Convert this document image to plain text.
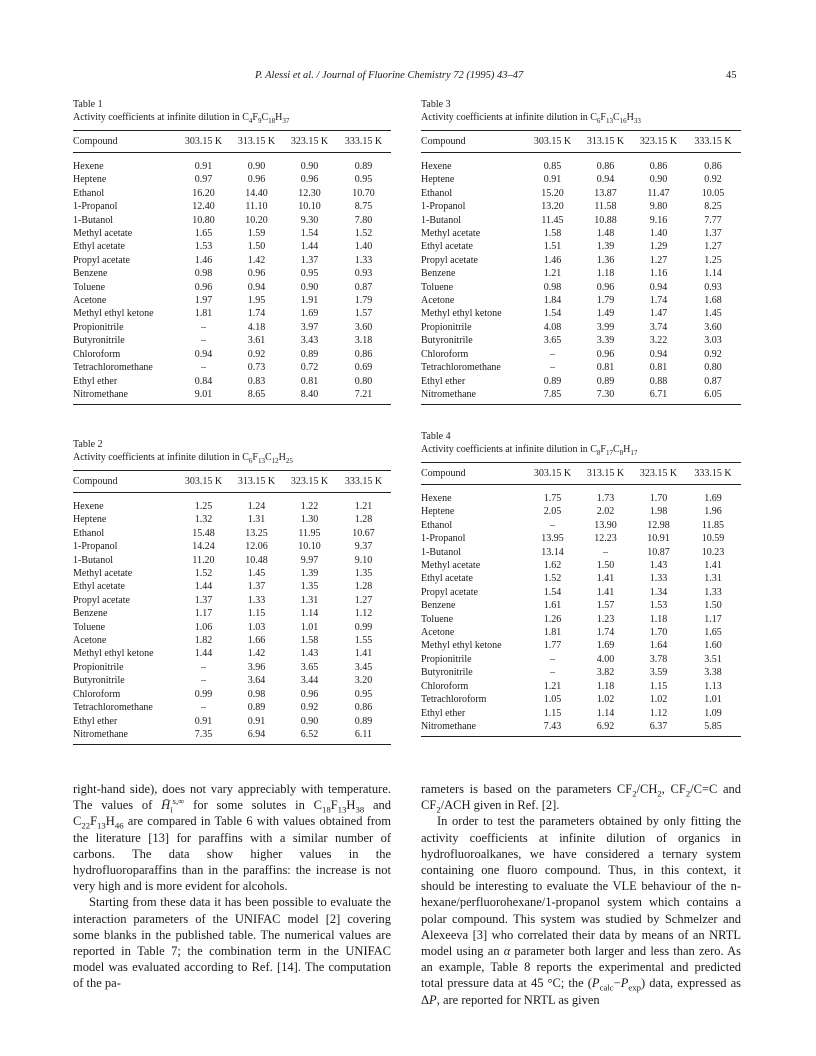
P. Alessi et al. / Journal of Fluorine Chemistry 72 (1995) 43–47	45
Table 1
Activity coefficients at infinite dilution in $C_4F_9C_{18}H_{37}$
Compound	303.15 K	313.15 K	323.15 K	333.15 K
Hexene	0.91	0.90	0.90	0.89
Heptene	0.97	0.96	0.96	0.95
Ethanol	16.20	14.40	12.30	10.70
1-Propanol	12.40	11.10	10.10	8.75
1-Butanol	10.80	10.20	9.30	7.80
Methyl acetate	1.65	1.59	1.54	1.52
Ethyl acetate	1.53	1.50	1.44	1.40
Propyl acetate	1.46	1.42	1.37	1.33
Benzene	0.98	0.96	0.95	0.93
Toluene	0.96	0.94	0.90	0.87
Acetone	1.97	1.95	1.91	1.79
Methyl ethyl ketone	1.81	1.74	1.69	1.57
Propionitrile	–	4.18	3.97	3.60
Butyronitrile	–	3.61	3.43	3.18
Chloroform	0.94	0.92	0.89	0.86
Tetrachloromethane	–	0.73	0.72	0.69
Ethyl ether	0.84	0.83	0.81	0.80
Nitromethane	9.01	8.65	8.40	7.21
Table 2
Activity coefficients at infinite dilution in $C_6F_{13}C_{12}H_{25}$
Compound	303.15 K	313.15 K	323.15 K	333.15 K
Hexene	1.25	1.24	1.22	1.21
Heptene	1.32	1.31	1.30	1.28
Ethanol	15.48	13.25	11.95	10.67
1-Propanol	14.24	12.06	10.10	9.37
1-Butanol	11.20	10.48	9.97	9.10
Methyl acetate	1.52	1.45	1.39	1.35
Ethyl acetate	1.44	1.37	1.35	1.28
Propyl acetate	1.37	1.33	1.31	1.27
Benzene	1.17	1.15	1.14	1.12
Toluene	1.06	1.03	1.01	0.99
Acetone	1.82	1.66	1.58	1.55
Methyl ethyl ketone	1.44	1.42	1.43	1.41
Propionitrile	–	3.96	3.65	3.45
Butyronitrile	–	3.64	3.44	3.20
Chloroform	0.99	0.98	0.96	0.95
Tetrachloromethane	–	0.89	0.92	0.86
Ethyl ether	0.91	0.91	0.90	0.89
Nitromethane	7.35	6.94	6.52	6.11
Table 3
Activity coefficients at infinite dilution in $C_6F_{13}C_{16}H_{33}$
Compound	303.15 K	313.15 K	323.15 K	333.15 K
Hexene	0.85	0.86	0.86	0.86
Heptene	0.91	0.94	0.90	0.92
Ethanol	15.20	13.87	11.47	10.05
1-Propanol	13.20	11.58	9.80	8.25
1-Butanol	11.45	10.88	9.16	7.77
Methyl acetate	1.58	1.48	1.40	1.37
Ethyl acetate	1.51	1.39	1.29	1.27
Propyl acetate	1.46	1.36	1.27	1.25
Benzene	1.21	1.18	1.16	1.14
Toluene	0.98	0.96	0.94	0.93
Acetone	1.84	1.79	1.74	1.68
Methyl ethyl ketone	1.54	1.49	1.47	1.45
Propionitrile	4.08	3.99	3.74	3.60
Butyronitrile	3.65	3.39	3.22	3.03
Chloroform	–	0.96	0.94	0.92
Tetrachloromethane	–	0.81	0.81	0.80
Ethyl ether	0.89	0.89	0.88	0.87
Nitromethane	7.85	7.30	6.71	6.05
Table 4
Activity coefficients at infinite dilution in $C_8F_{17}C_8H_{17}$
Compound	303.15 K	313.15 K	323.15 K	333.15 K
Hexene	1.75	1.73	1.70	1.69
Heptene	2.05	2.02	1.98	1.96
Ethanol	–	13.90	12.98	11.85
1-Propanol	13.95	12.23	10.91	10.59
1-Butanol	13.14	–	10.87	10.23
Methyl acetate	1.62	1.50	1.43	1.41
Ethyl acetate	1.52	1.41	1.33	1.31
Propyl acetate	1.54	1.41	1.34	1.33
Benzene	1.61	1.57	1.53	1.50
Toluene	1.26	1.23	1.18	1.17
Acetone	1.81	1.74	1.70	1.65
Methyl ethyl ketone	1.77	1.69	1.64	1.60
Propionitrile	–	4.00	3.78	3.51
Butyronitrile	–	3.82	3.59	3.38
Chloroform	1.21	1.18	1.15	1.13
Tetrachloroform	1.05	1.02	1.02	1.01
Ethyl ether	1.15	1.14	1.12	1.09
Nitromethane	7.43	6.92	6.37	5.85

right-hand side), does not vary appreciably with temperature. The values of $H̄_i^{s,\infty}$ for some solutes in $C_{18}F_{13}H_{38}$ and $C_{22}F_{13}H_{46}$ are compared in Table 6 with values obtained from the literature [13] for paraffins with a similar number of carbons. The data show higher values in the hydrofluoroparaffins than in the paraffins: the increase is not very high and is more evident for alcohols.

Starting from these data it has been possible to evaluate the interaction parameters of the UNIFAC model [2] covering some blanks in the published table. The numerical values are reported in Table 7; the combination term in the UNIFAC model was evaluated according to Ref. [14]. The computation of the pa-

rameters is based on the parameters $CF_2/CH_2$, $CF_2/C=C$ and $CF_2$/ACH given in Ref. [2].

In order to test the parameters obtained by only fitting the activity coefficients at infinite dilution of organics in hydrofluoroalkanes, we have considered a ternary system containing one fluoro compound. Thus, in this context, it should be interesting to evaluate the VLE behaviour of the n-hexane/perfluorohexane/1-propanol system which contains a polar compound. This system was studied by Schmelzer and Alexeeva [3] who correlated their data by means of an NRTL model using an α parameter both larger and less than zero. As an example, Table 8 reports the experimental and predicted total pressure data at 45 °C; the $(P_{calc}-P_{exp})$ data, expressed as ΔP, are reported for NRTL as given
